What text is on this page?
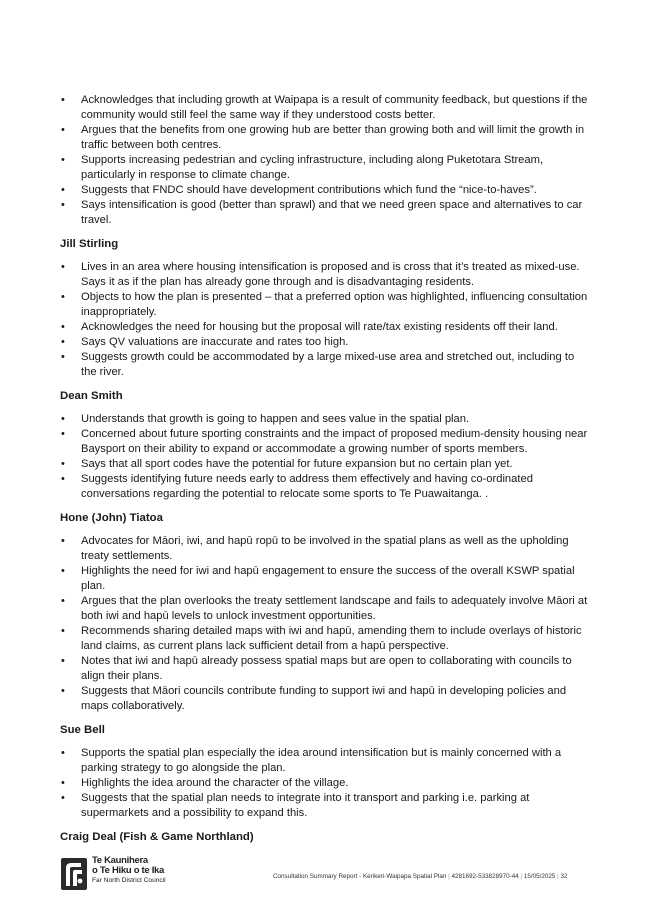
• Acknowledges that including growth at Waipapa is a result of community feedback, but questions if the community would still feel the same way if they understood costs better.
• Argues that the benefits from one growing hub are better than growing both and will limit the growth in traffic between both centres.
• Supports increasing pedestrian and cycling infrastructure, including along Puketotara Stream, particularly in response to climate change.
• Suggests that FNDC should have development contributions which fund the “nice-to-haves”.
• Says intensification is good (better than sprawl) and that we need green space and alternatives to car travel.
Jill Stirling
• Lives in an area where housing intensification is proposed and is cross that it’s treated as mixed-use. Says it as if the plan has already gone through and is disadvantaging residents.
• Objects to how the plan is presented – that a preferred option was highlighted, influencing consultation inappropriately.
• Acknowledges the need for housing but the proposal will rate/tax existing residents off their land.
• Says QV valuations are inaccurate and rates too high.
• Suggests growth could be accommodated by a large mixed-use area and stretched out, including to the river.
Dean Smith
• Understands that growth is going to happen and sees value in the spatial plan.
• Concerned about future sporting constraints and the impact of proposed medium-density housing near Baysport on their ability to expand or accommodate a growing number of sports members.
• Says that all sport codes have the potential for future expansion but no certain plan yet.
• Suggests identifying future needs early to address them effectively and having co-ordinated conversations regarding the potential to relocate some sports to Te Puawaitanga. .
Hone (John) Tiatoa
• Advocates for Māori, iwi, and hapū ropū to be involved in the spatial plans as well as the upholding treaty settlements.
• Highlights the need for iwi and hapū engagement to ensure the success of the overall KSWP spatial plan.
• Argues that the plan overlooks the treaty settlement landscape and fails to adequately involve Māori at both iwi and hapū levels to unlock investment opportunities.
• Recommends sharing detailed maps with iwi and hapū, amending them to include overlays of historic land claims, as current plans lack sufficient detail from a hapū perspective.
• Notes that iwi and hapū already possess spatial maps but are open to collaborating with councils to align their plans.
• Suggests that Māori councils contribute funding to support iwi and hapū in developing policies and maps collaboratively.
Sue Bell
• Supports the spatial plan especially the idea around intensification but is mainly concerned with a parking strategy to go alongside the plan.
• Highlights the idea around the character of the village.
• Suggests that the spatial plan needs to integrate into it transport and parking i.e. parking at supermarkets and a possibility to expand this.
Craig Deal (Fish & Game Northland)
Te Kaunihera
o Te Hiku o te Ika
Far North District Council
Consultation Summary Report - Kerikeri-Waipapa Spatial Plan | 4281692-533828970-44 | 15/05/2025 | 32
